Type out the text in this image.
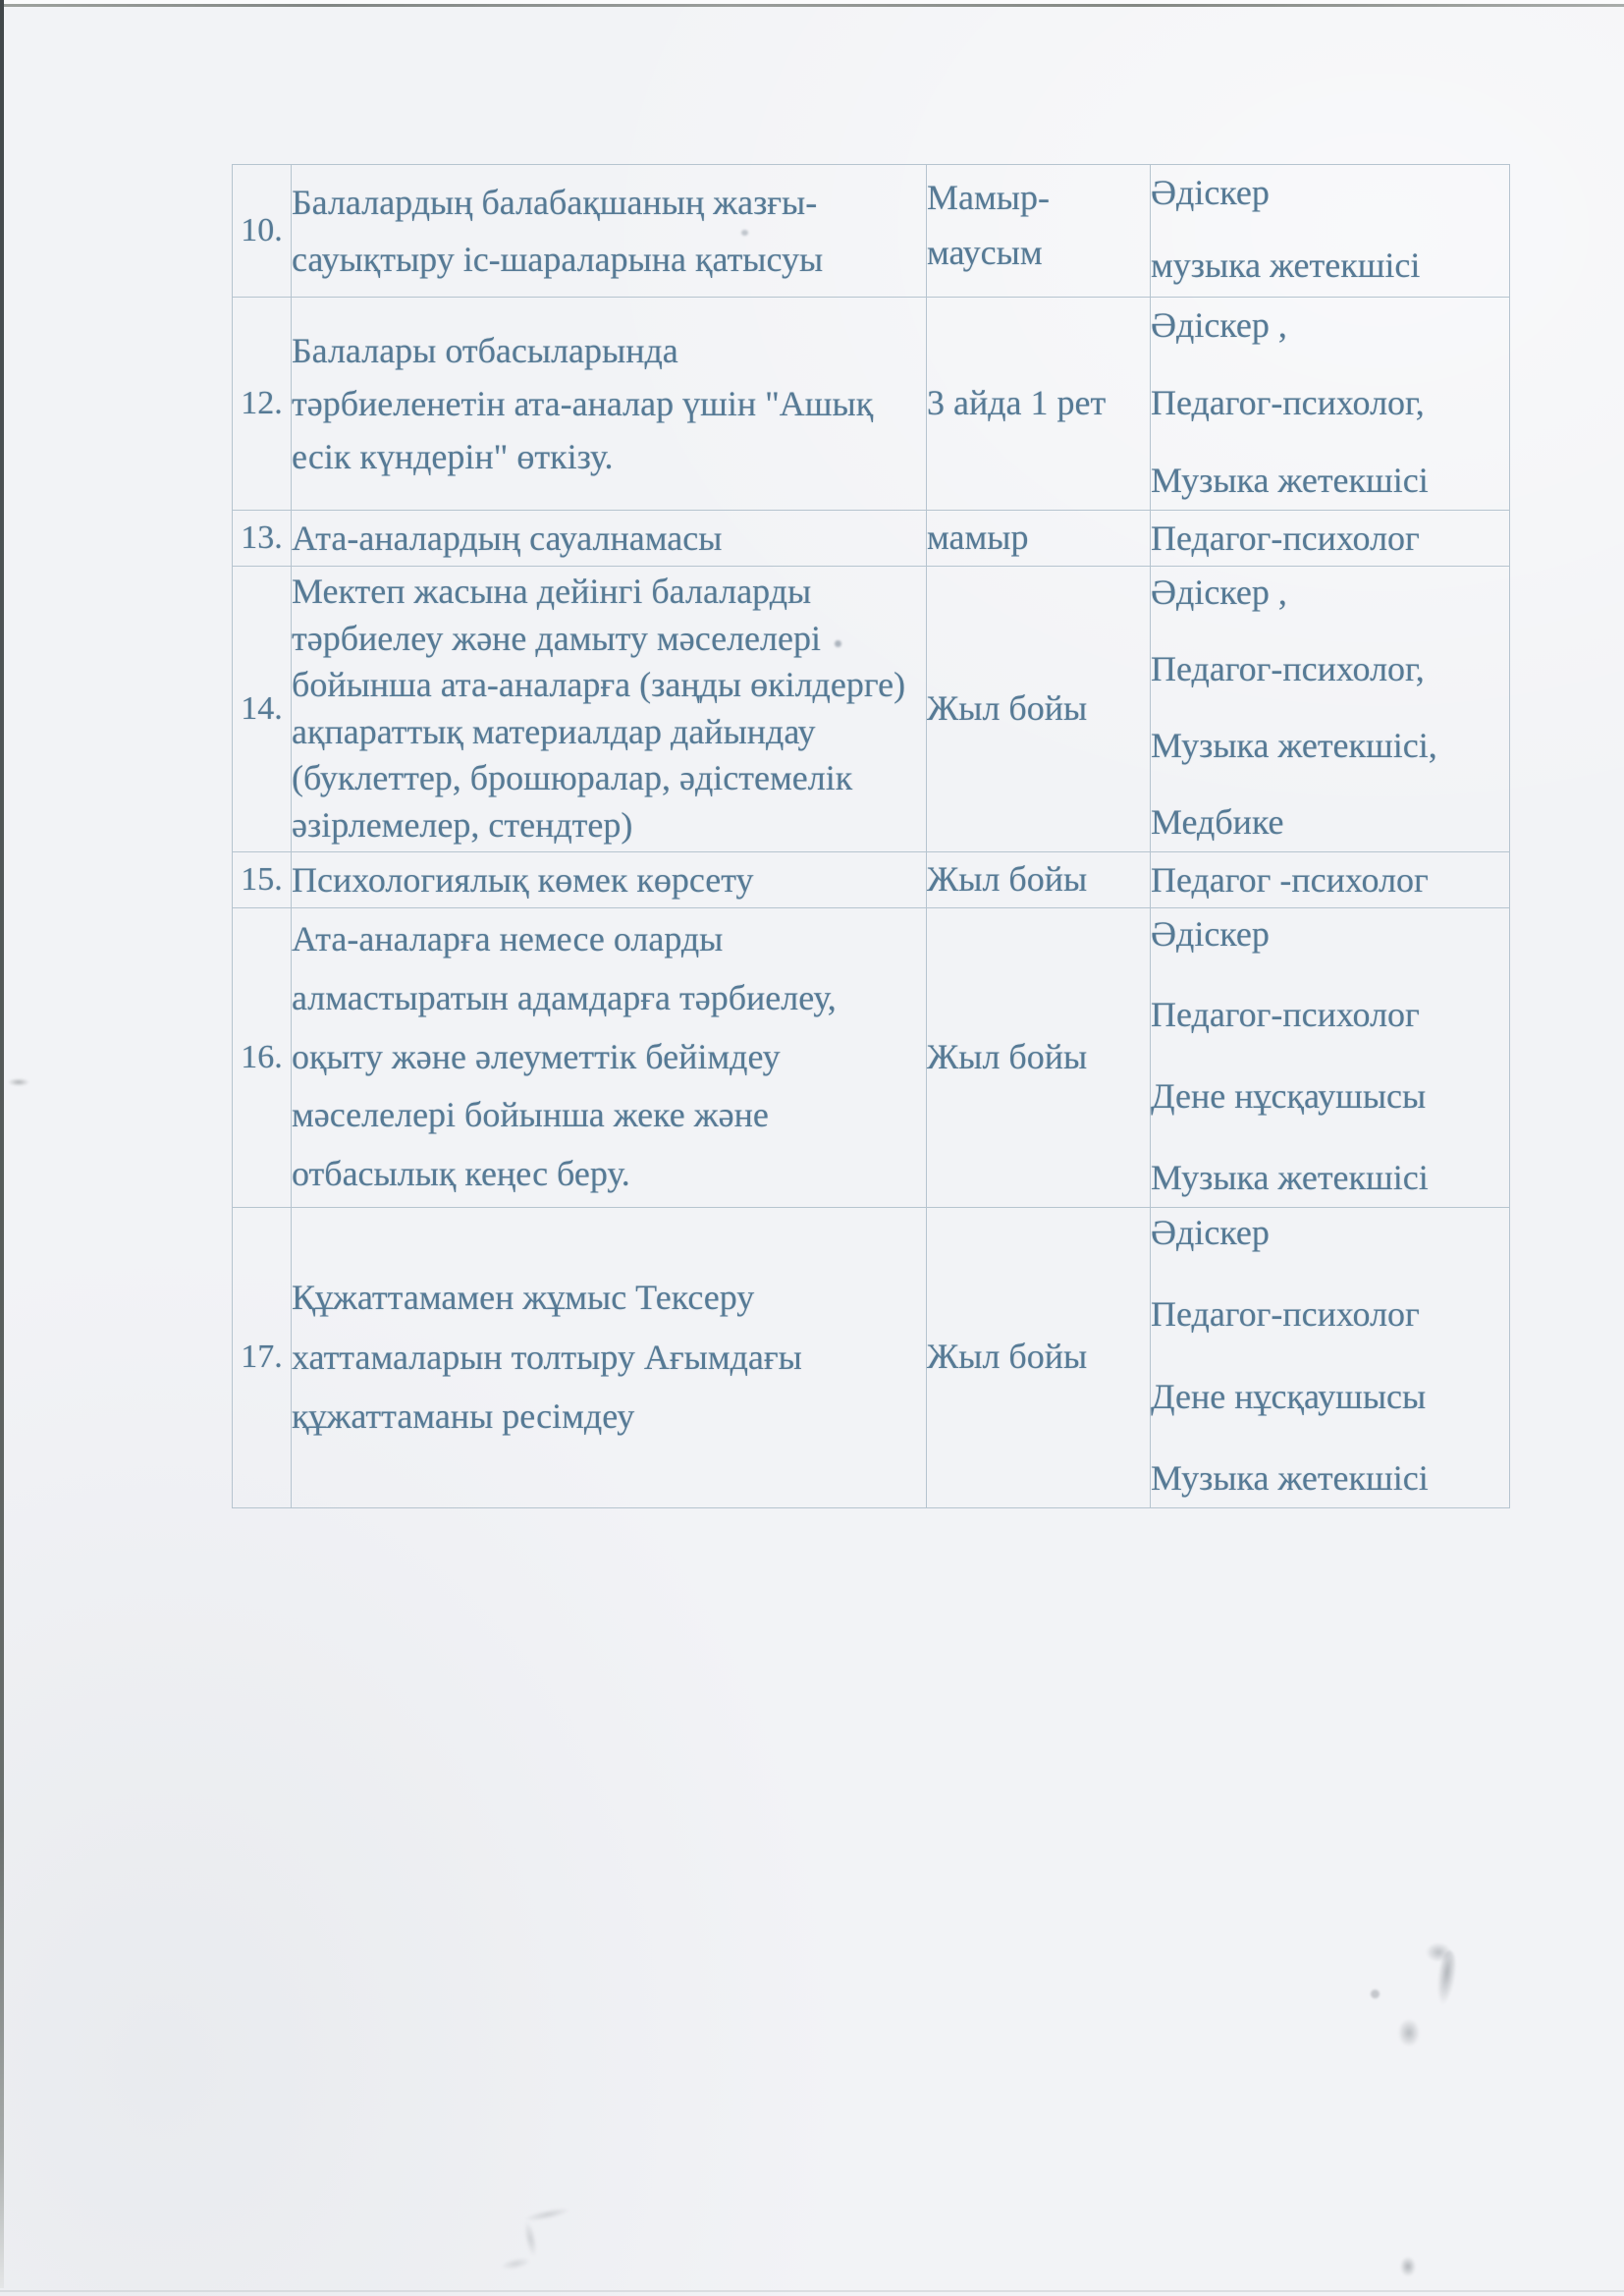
10.	Балалардың балабақшаның жазғы-сауықтыру іс-шараларына қатысуы	Мамыр-маусым	Әдіскер
музыка жетекшісі

12.	Балалары отбасыларында тәрбиеленетін ата-аналар үшін "Ашық есік күндерін" өткізу.	3 айда 1 рет	Әдіскер ,
Педагог-психолог,
Музыка жетекшісі

13.	Ата-аналардың сауалнамасы	мамыр	Педагог-психолог

14.	Мектеп жасына дейінгі балаларды тәрбиелеу және дамыту мәселелері бойынша ата-аналарға (заңды өкілдерге) ақпараттық материалдар дайындау (буклеттер, брошюралар, әдістемелік әзірлемелер, стендтер)	Жыл бойы	Әдіскер ,
Педагог-психолог,
Музыка жетекшісі,
Медбике

15.	Психологиялық көмек көрсету	Жыл бойы	Педагог -психолог

16.	Ата-аналарға немесе оларды алмастыратын адамдарға тәрбиелеу, оқыту және әлеуметтік бейімдеу мәселелері бойынша жеке және отбасылық кеңес беру.	Жыл бойы	Әдіскер
Педагог-психолог
Дене нұсқаушысы
Музыка жетекшісі

17.	Құжаттамамен жұмыс Тексеру хаттамаларын толтыру Ағымдағы құжаттаманы ресімдеу	Жыл бойы	Әдіскер
Педагог-психолог
Дене нұсқаушысы
Музыка жетекшісі
